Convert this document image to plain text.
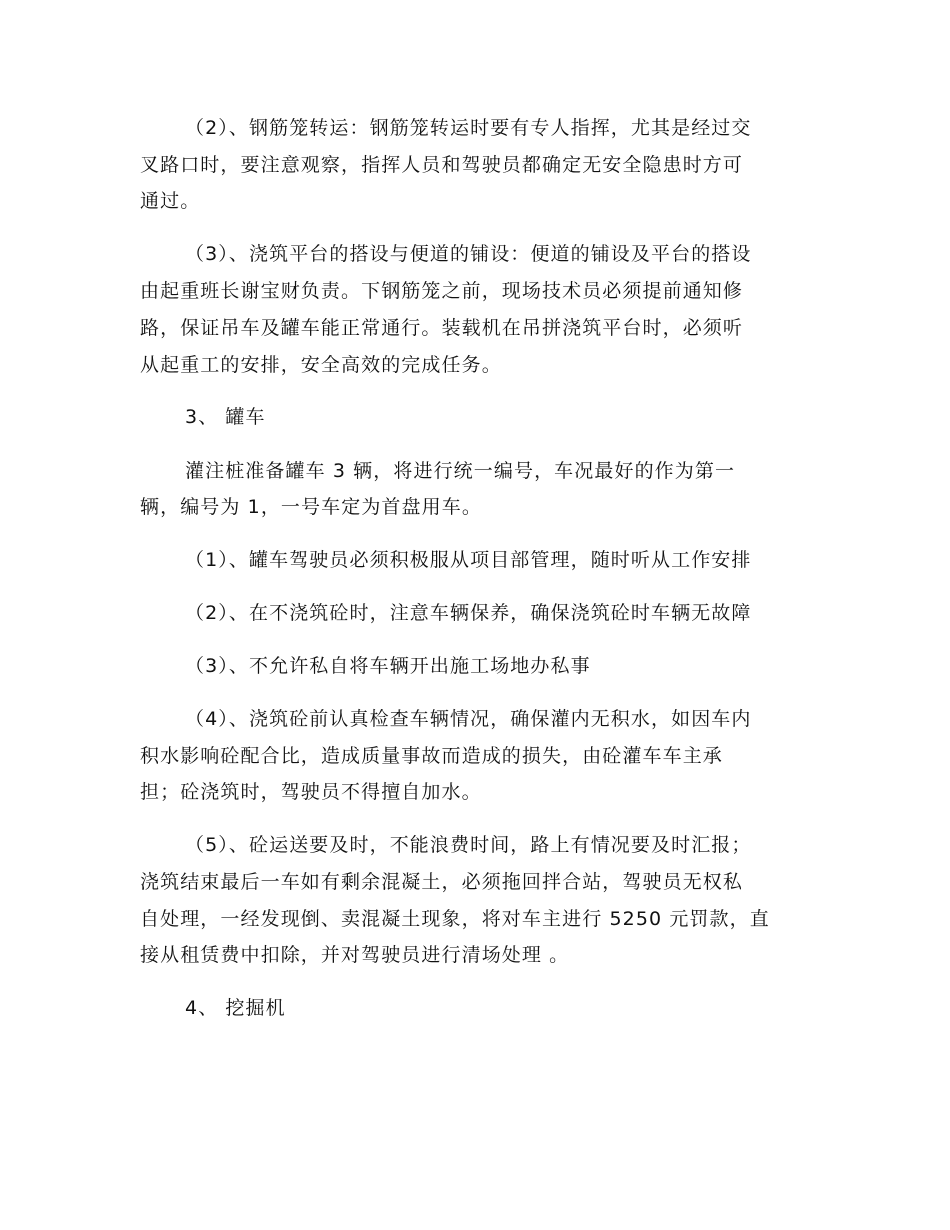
（2）、钢筋笼转运：钢筋笼转运时要有专人指挥，尤其是经过交
叉路口时，要注意观察，指挥人员和驾驶员都确定无安全隐患时方可
通过。
（3）、浇筑平台的搭设与便道的铺设：便道的铺设及平台的搭设
由起重班长谢宝财负责。下钢筋笼之前，现场技术员必须提前通知修
路，保证吊车及罐车能正常通行。装载机在吊拼浇筑平台时，必须听
从起重工的安排，安全高效的完成任务。
3、 罐车
灌注桩准备罐车 3 辆，将进行统一编号，车况最好的作为第一
辆，编号为 1，一号车定为首盘用车。
（1）、罐车驾驶员必须积极服从项目部管理，随时听从工作安排
（2）、在不浇筑砼时，注意车辆保养，确保浇筑砼时车辆无故障
（3）、不允许私自将车辆开出施工场地办私事
（4）、浇筑砼前认真检查车辆情况，确保灌内无积水，如因车内
积水影响砼配合比，造成质量事故而造成的损失，由砼灌车车主承
担；砼浇筑时，驾驶员不得擅自加水。
（5）、砼运送要及时，不能浪费时间，路上有情况要及时汇报；
浇筑结束最后一车如有剩余混凝土，必须拖回拌合站，驾驶员无权私
自处理，一经发现倒、卖混凝土现象，将对车主进行 5250 元罚款，直
接从租赁费中扣除，并对驾驶员进行清场处理 。
4、 挖掘机
